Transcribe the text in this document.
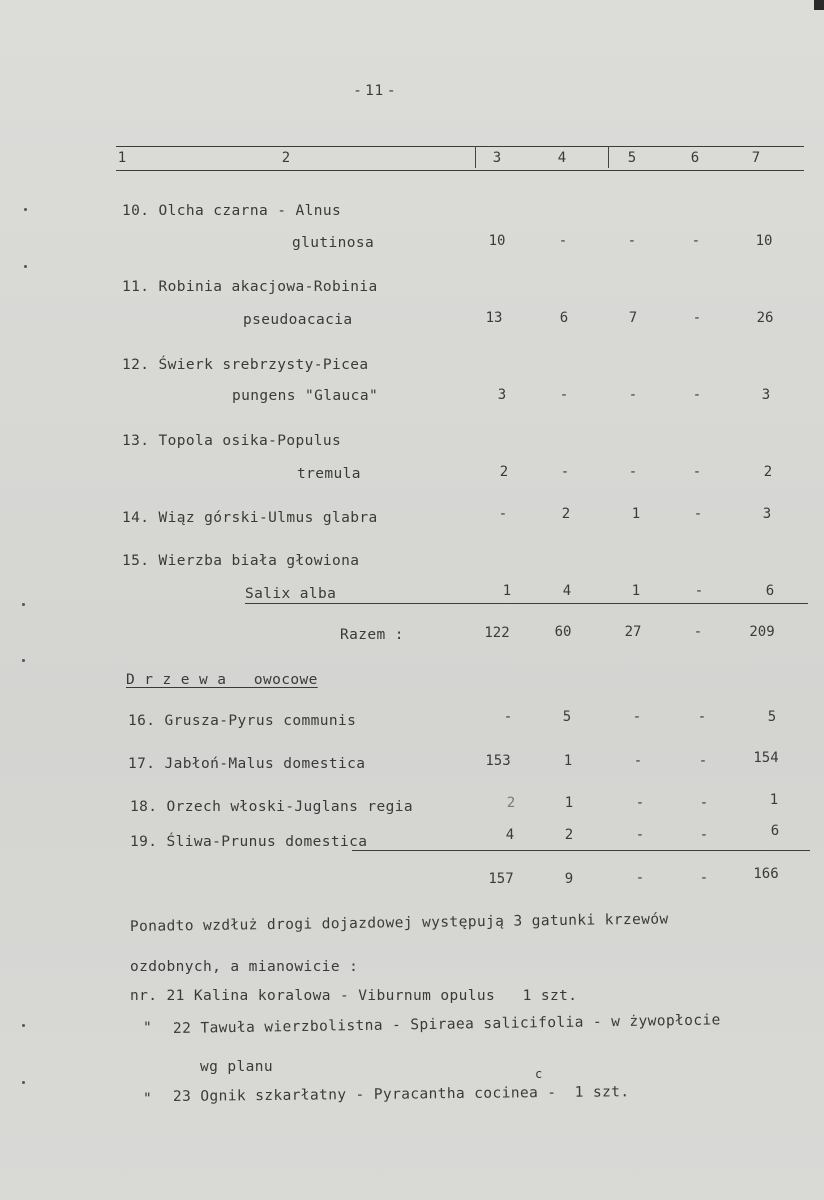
- 11 -
1	2	3	4	5	6	7
10. Olcha czarna - Alnus
glutinosa	10	-	-	-	10
11. Robinia akacjowa-Robinia
pseudoacacia	13	6	7	-	26
12. Świerk srebrzysty-Picea
pungens "Glauca"	3	-	-	-	3
13. Topola osika-Populus
tremula	2	-	-	-	2
14. Wiąz górski-Ulmus glabra	-	2	1	-	3
15. Wierzba biała głowiona
Salix alba	1	4	1	-	6
Razem :	122	60	27	-	209
D r z e w a   owocowe
16. Grusza-Pyrus communis	-	5	-	-	5
17. Jabłoń-Malus domestica	153	1	-	-	154
18. Orzech włoski-Juglans regia	2	1	-	-	1
19. Śliwa-Prunus domestica	4	2	-	-	6
157	9	-	-	166
Ponadto wzdłuż drogi dojazdowej występują 3 gatunki krzewów
ozdobnych, a mianowicie :
nr. 21 Kalina koralowa - Viburnum opulus   1 szt.
" 22 Tawuła wierzbolistna - Spiraea salicifolia - w żywopłocie
wg planu
" 23 Ognik szkarłatny - Pyracantha cocinea -  1 szt.
c
